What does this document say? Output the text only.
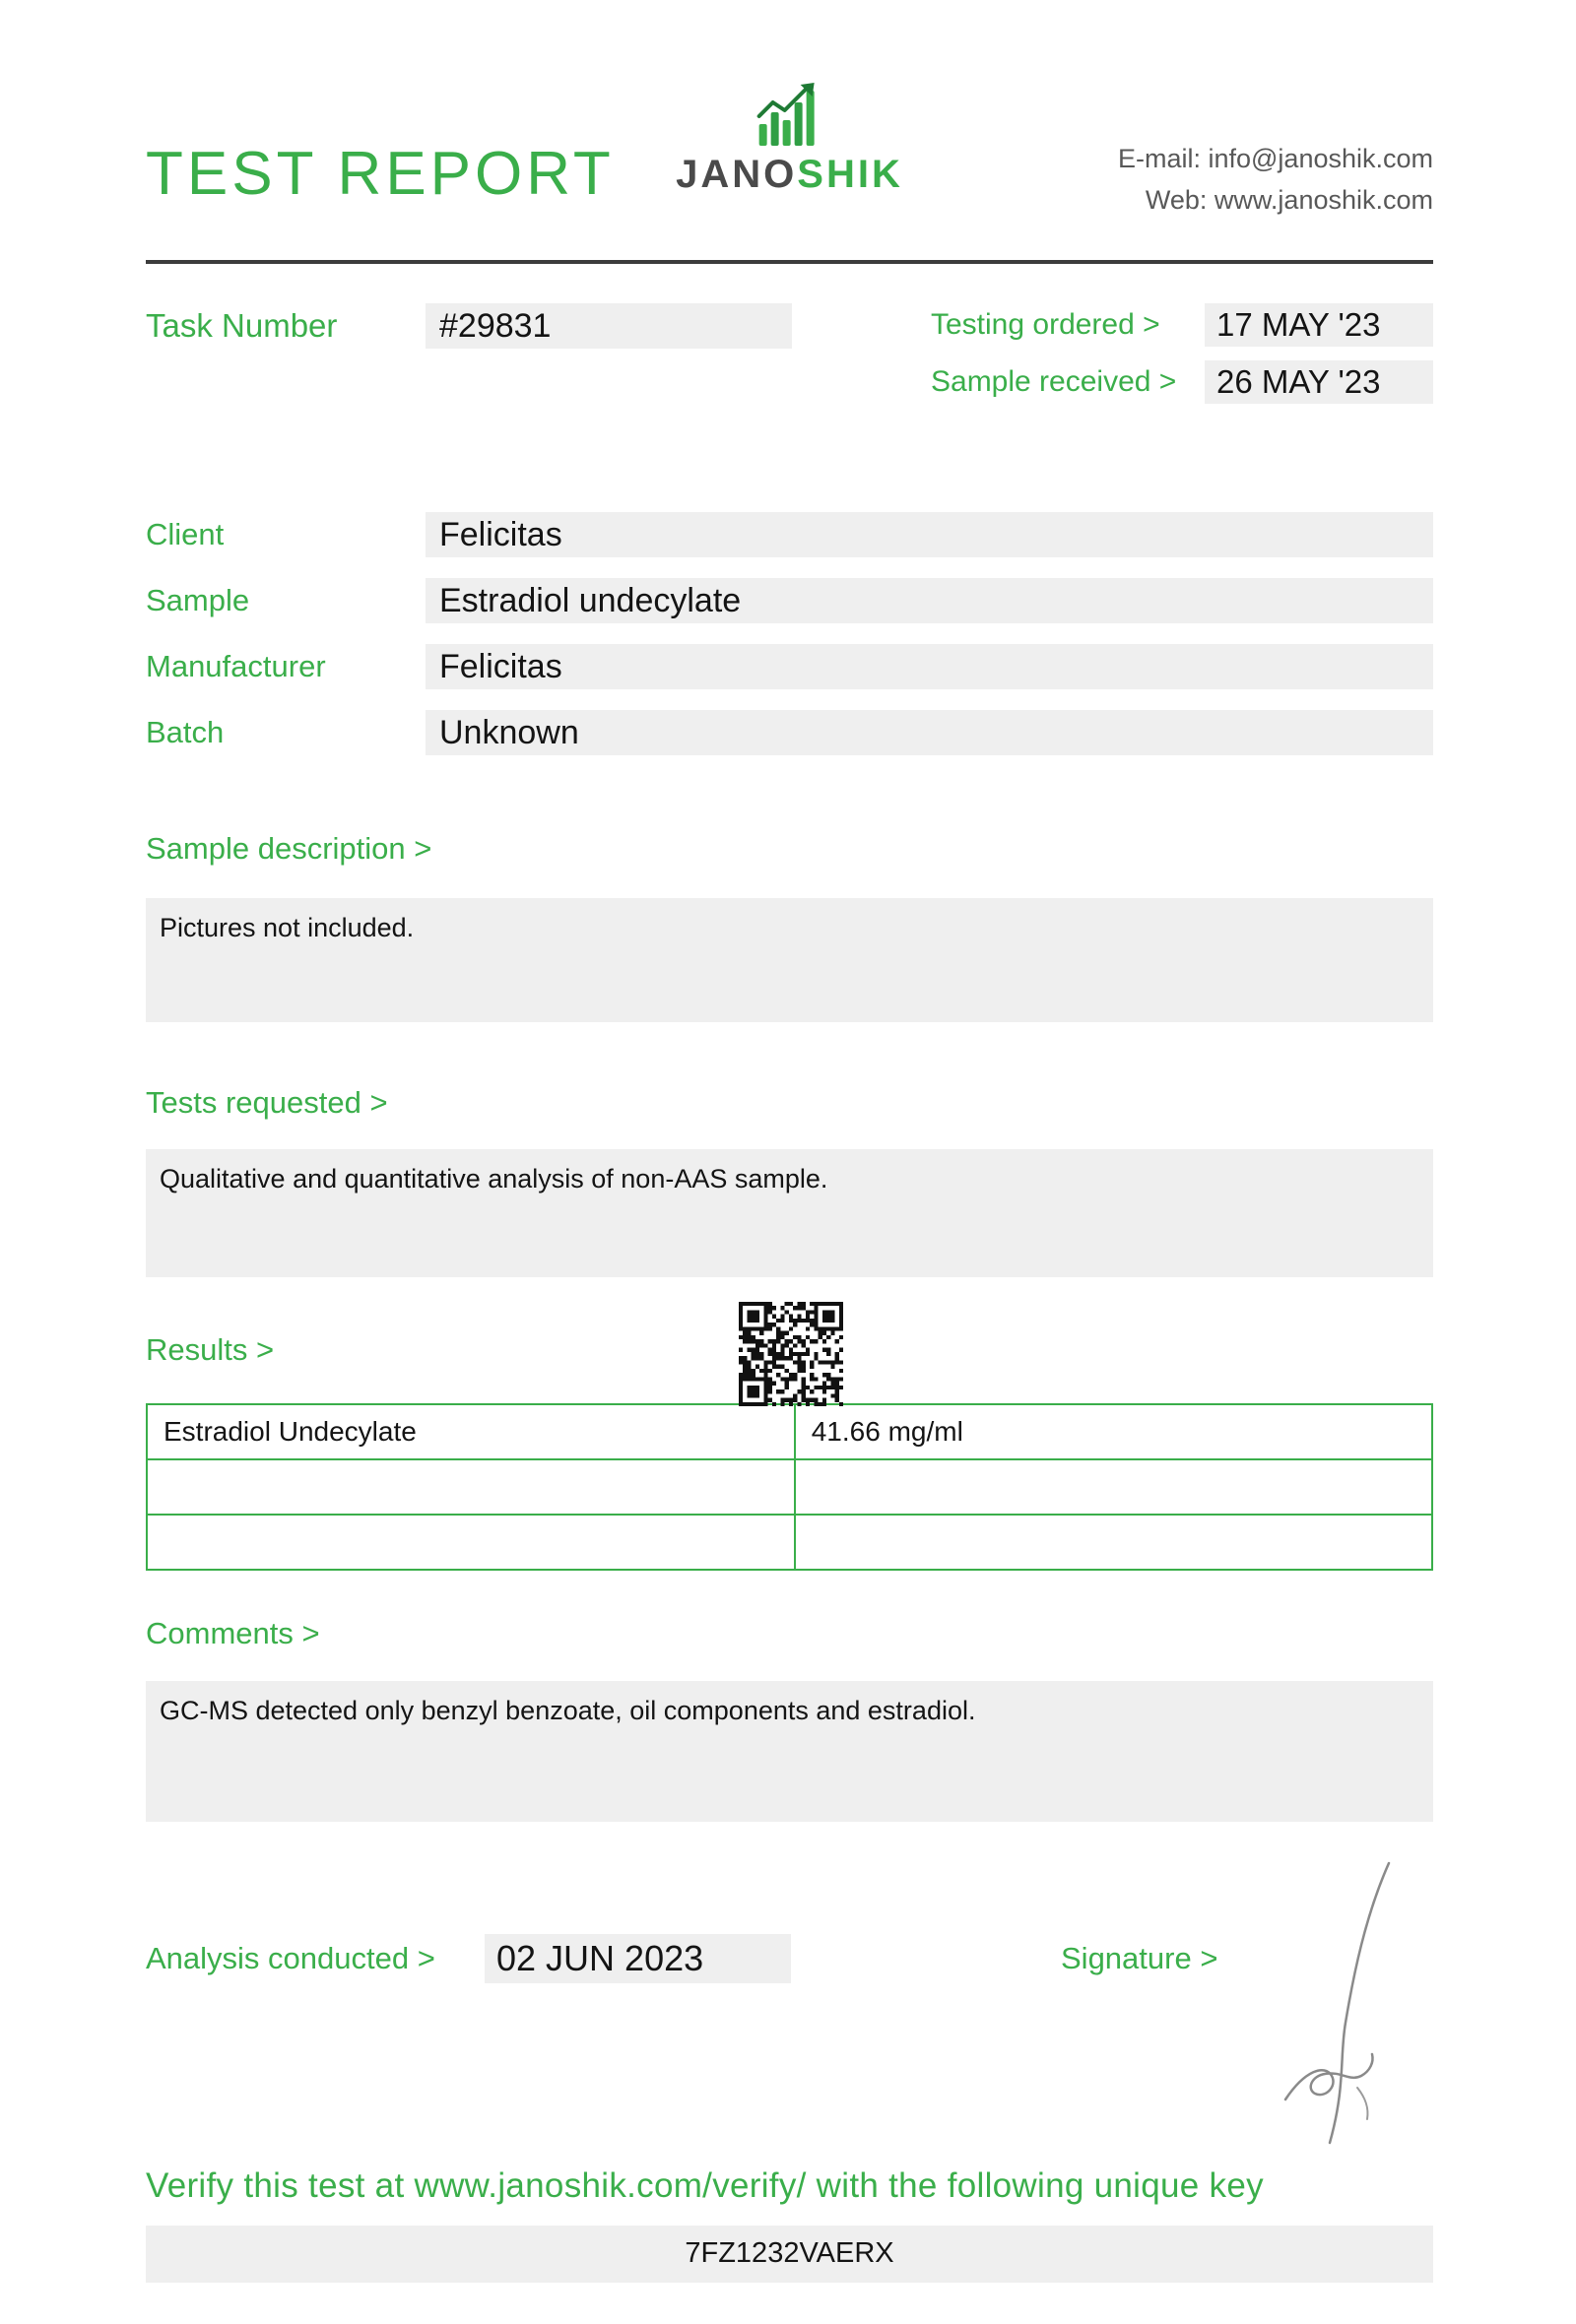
TEST REPORT JANOSHIK	E-mail: info@janoshik.com
Web: www.janoshik.com
Task Number	#29831	Testing ordered >	17 MAY '23
Sample received >	26 MAY '23
Client	Felicitas
Sample	Estradiol undecylate
Manufacturer	Felicitas
Batch	Unknown
Sample description >
Pictures not included.
Tests requested >
Qualitative and quantitative analysis of non-AAS sample.
Results >
Estradiol Undecylate	41.66 mg/ml

Comments >
GC-MS detected only benzyl benzoate, oil components and estradiol.
Analysis conducted >	02 JUN 2023	Signature >
Verify this test at www.janoshik.com/verify/ with the following unique key
7FZ1232VAERX
